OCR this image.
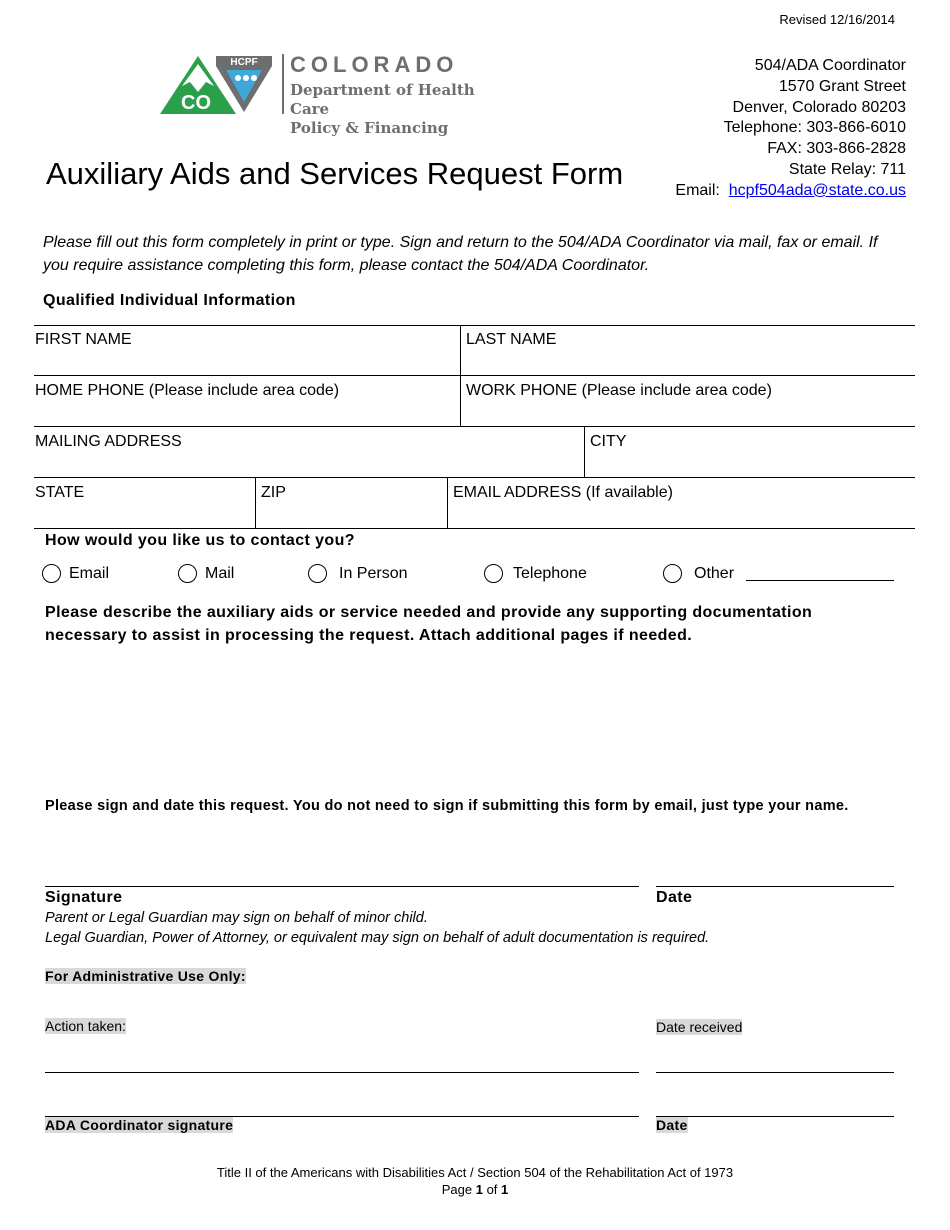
Revised 12/16/2014
HCPF
CO
COLORADO
Department of Health Care
Policy & Financing
504/ADA Coordinator
1570 Grant Street
Denver, Colorado 80203
Telephone: 303-866-6010
FAX: 303-866-2828
State Relay: 711
Email: hcpf504ada@state.co.us
Auxiliary Aids and Services Request Form
Please fill out this form completely in print or type. Sign and return to the 504/ADA Coordinator via mail, fax or email. If you require assistance completing this form, please contact the 504/ADA Coordinator.
Qualified Individual Information
FIRST NAME	LAST NAME
HOME PHONE (Please include area code)	WORK PHONE (Please include area code)
MAILING ADDRESS	CITY
STATE	ZIP	EMAIL ADDRESS (If available)
How would you like us to contact you?
Email	Mail	In Person	Telephone	Other
Please describe the auxiliary aids or service needed and provide any supporting documentation
necessary to assist in processing the request. Attach additional pages if needed.
Please sign and date this request. You do not need to sign if submitting this form by email, just type your name.
Signature	Date
Parent or Legal Guardian may sign on behalf of minor child.
Legal Guardian, Power of Attorney, or equivalent may sign on behalf of adult documentation is required.
For Administrative Use Only:
Action taken:	Date received
ADA Coordinator signature	Date
Title II of the Americans with Disabilities Act / Section 504 of the Rehabilitation Act of 1973
Page 1 of 1
